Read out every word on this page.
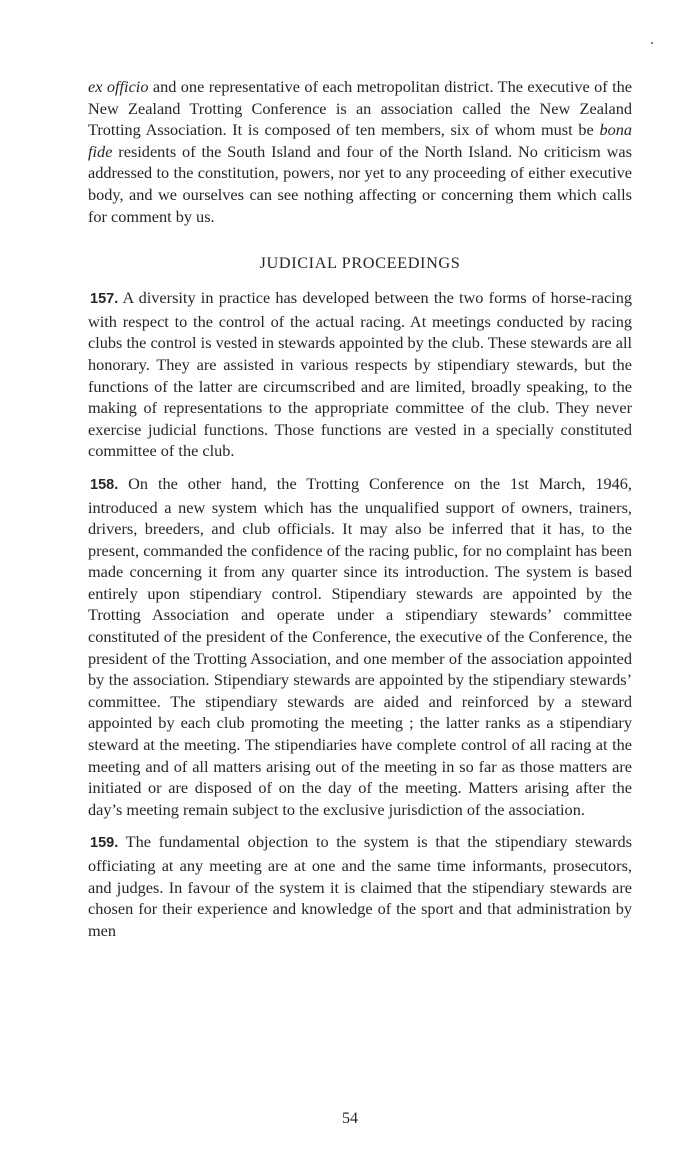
ex officio and one representative of each metropolitan district. The executive of the New Zealand Trotting Conference is an association called the New Zealand Trotting Association. It is composed of ten members, six of whom must be bona fide residents of the South Island and four of the North Island. No criticism was addressed to the constitution, powers, nor yet to any proceeding of either executive body, and we ourselves can see nothing affecting or concerning them which calls for comment by us.

JUDICIAL PROCEEDINGS

157. A diversity in practice has developed between the two forms of horse-racing with respect to the control of the actual racing. At meetings conducted by racing clubs the control is vested in stewards appointed by the club. These stewards are all honorary. They are assisted in various respects by stipendiary stewards, but the functions of the latter are circumscribed and are limited, broadly speaking, to the making of representations to the appropriate committee of the club. They never exercise judicial functions. Those functions are vested in a specially constituted committee of the club.

158. On the other hand, the Trotting Conference on the 1st March, 1946, introduced a new system which has the unqualified support of owners, trainers, drivers, breeders, and club officials. It may also be inferred that it has, to the present, commanded the confidence of the racing public, for no complaint has been made concerning it from any quarter since its introduction. The system is based entirely upon stipendiary control. Stipendiary stewards are appointed by the Trotting Association and operate under a stipendiary stewards’ committee constituted of the president of the Conference, the executive of the Conference, the president of the Trotting Association, and one member of the association appointed by the association. Stipendiary stewards are appointed by the stipendiary stewards’ committee. The stipendiary stewards are aided and reinforced by a steward appointed by each club promoting the meeting ; the latter ranks as a stipendiary steward at the meeting. The stipendiaries have complete control of all racing at the meeting and of all matters arising out of the meeting in so far as those matters are initiated or are disposed of on the day of the meeting. Matters arising after the day’s meeting remain subject to the exclusive jurisdiction of the association.

159. The fundamental objection to the system is that the stipendiary stewards officiating at any meeting are at one and the same time informants, prosecutors, and judges. In favour of the system it is claimed that the stipendiary stewards are chosen for their experience and knowledge of the sport and that administration by men

54
